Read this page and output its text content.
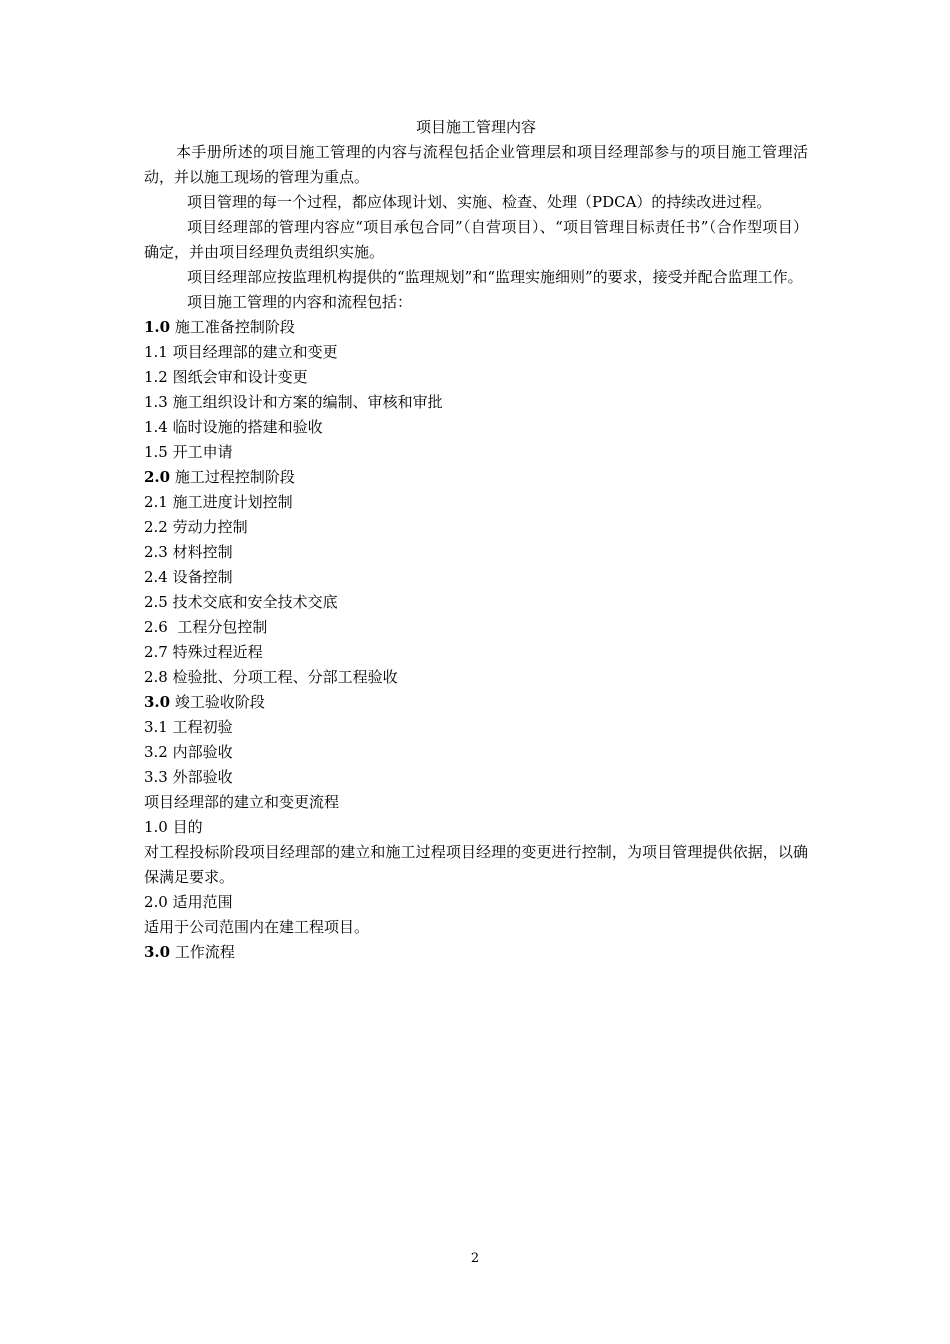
项目施工管理内容

本手册所述的项目施工管理的内容与流程包括企业管理层和项目经理部参与的项目施工管理活动，并以施工现场的管理为重点。

项目管理的每一个过程，都应体现计划、实施、检查、处理（PDCA）的持续改进过程。

项目经理部的管理内容应“项目承包合同”（自营项目）、“项目管理目标责任书”（合作型项目）确定，并由项目经理负责组织实施。

项目经理部应按监理机构提供的“监理规划”和“监理实施细则”的要求，接受并配合监理工作。

项目施工管理的内容和流程包括：

1.0 施工准备控制阶段

1.1 项目经理部的建立和变更

1.2 图纸会审和设计变更

1.3 施工组织设计和方案的编制、审核和审批

1.4 临时设施的搭建和验收

1.5 开工申请

2.0 施工过程控制阶段

2.1 施工进度计划控制

2.2 劳动力控制

2.3 材料控制

2.4 设备控制

2.5 技术交底和安全技术交底

2.6  工程分包控制

2.7 特殊过程近程

2.8 检验批、分项工程、分部工程验收

3.0 竣工验收阶段

3.1 工程初验

3.2 内部验收

3.3 外部验收

项目经理部的建立和变更流程

1.0 目的

对工程投标阶段项目经理部的建立和施工过程项目经理的变更进行控制，为项目管理提供依据，以确保满足要求。

2.0 适用范围

适用于公司范围内在建工程项目。

3.0 工作流程

2
